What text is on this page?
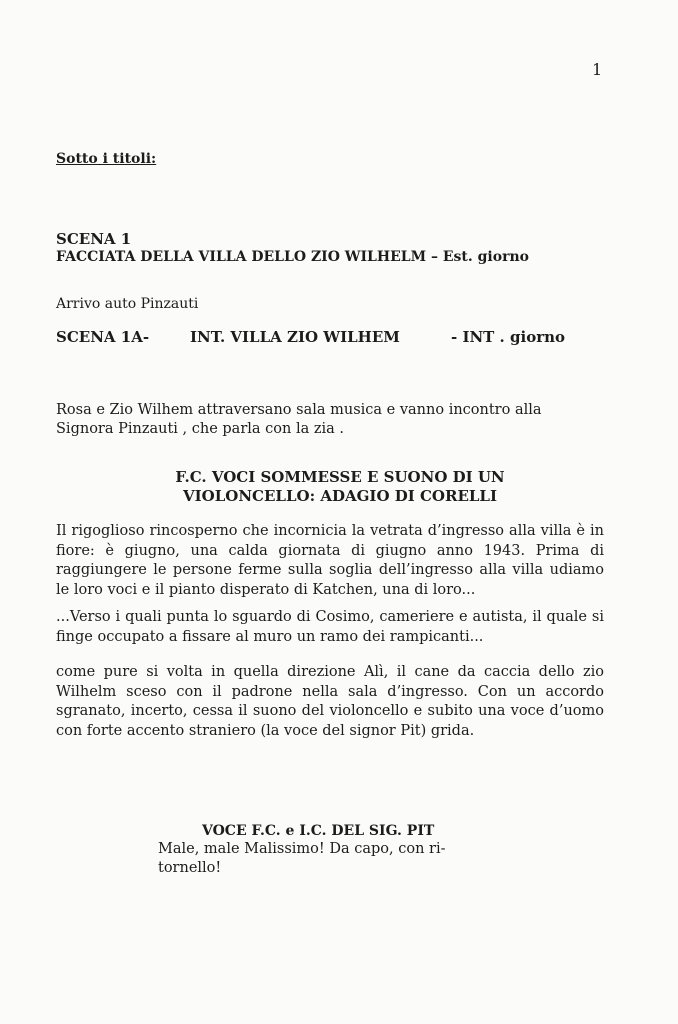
1
Sotto i titoli:
SCENA 1
FACCIATA DELLA VILLA DELLO ZIO WILHELM – Est. giorno
Arrivo auto Pinzauti
SCENA 1A-	INT. VILLA ZIO WILHEM	- INT . giorno
Rosa e Zio Wilhem attraversano sala musica e vanno incontro alla
Signora Pinzauti , che parla con la zia .
F.C. VOCI SOMMESSE E SUONO DI UN
VIOLONCELLO: ADAGIO DI CORELLI

Il rigoglioso rincosperno che incornicia la vetrata d’ingresso alla villa è in fiore: è giugno, una calda giornata di giugno anno 1943. Prima di raggiungere le persone ferme sulla soglia dell’ingresso alla villa udiamo le loro voci e il pianto disperato di Katchen, una di loro...

...Verso i quali punta lo sguardo di Cosimo, cameriere e autista, il quale si finge occupato a fissare al muro un ramo dei rampicanti...

come pure si volta in quella direzione Alì, il cane da caccia dello zio Wilhelm sceso con il padrone nella sala d’ingresso. Con un accordo sgranato, incerto, cessa il suono del violoncello e subito una voce d’uomo con forte accento straniero (la voce del signor Pit) grida.

VOCE F.C. e I.C. DEL SIG. PIT
Male, male Malissimo! Da capo, con ri-
tornello!
